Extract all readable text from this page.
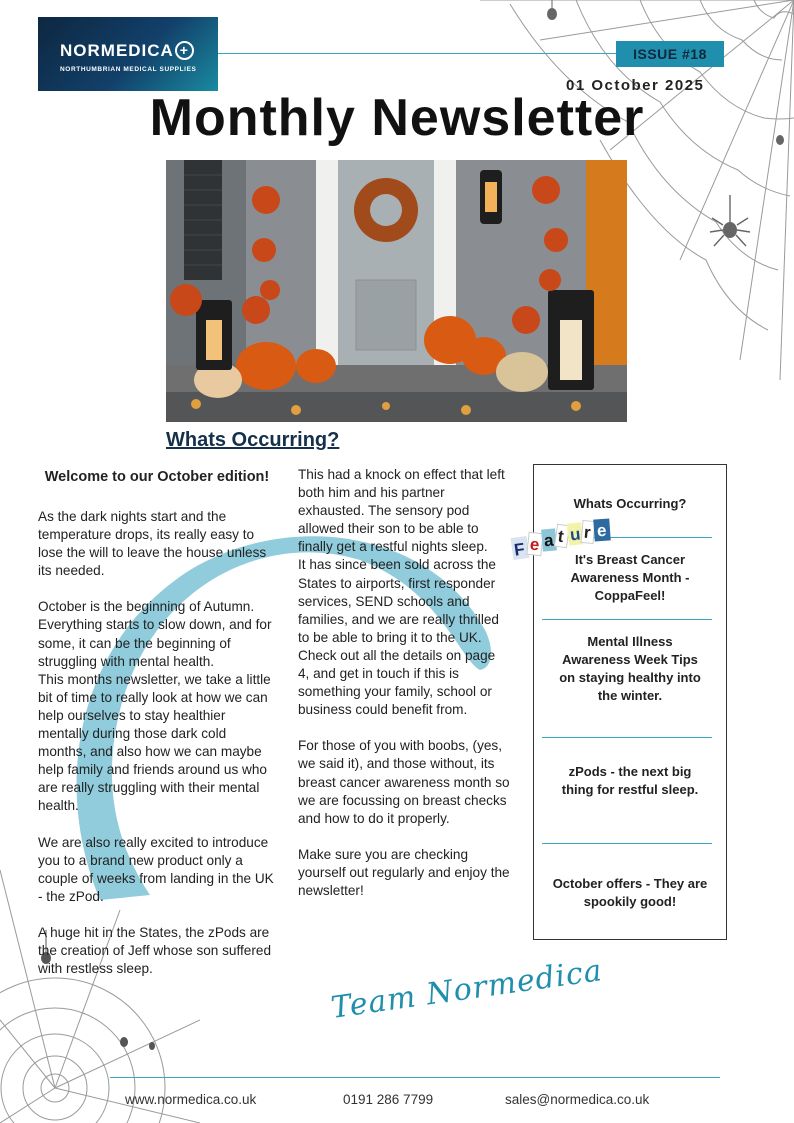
NORMEDICA +
NORTHUMBRIAN MEDICAL SUPPLIES
ISSUE #18
01 October 2025
Monthly Newsletter
Whats Occurring?

Welcome to our October edition!

As the dark nights start and the temperature drops, its really easy to lose the will to leave the house unless its needed.

October is the beginning of Autumn. Everything starts to slow down, and for some, it can be the beginning of struggling with mental health.

This months newsletter, we take a little bit of time to really look at how we can help ourselves to stay healthier mentally during those dark cold months, and also how we can maybe help family and friends around us who are really struggling with their mental health.

We are also really excited to introduce you to a brand new product only a couple of weeks from landing in the UK - the zPod.

A huge hit in the States, the zPods are the creation of Jeff whose son suffered with restless sleep.

This had a knock on effect that left both him and his partner exhausted. The sensory pod allowed their son to be able to finally get a restful nights sleep.

It has since been sold across the States to airports, first responder services, SEND schools and families, and we are really thrilled to be able to bring it to the UK.

Check out all the details on page 4, and get in touch if this is something your family, school or business could benefit from.

For those of you with boobs, (yes, we said it), and those without, its breast cancer awareness month so we are focussing on breast checks and how to do it properly.

Make sure you are checking yourself out regularly and enjoy the newsletter!

Team Normedica
Whats Occurring?
It's Breast Cancer Awareness Month - CoppaFeel!
Mental Illness Awareness Week Tips on staying healthy into the winter.
zPods - the next big thing for restful sleep.
October offers - They are spookily good!
F e a t u r e
www.normedica.co.uk	0191 286 7799	sales@normedica.co.uk
